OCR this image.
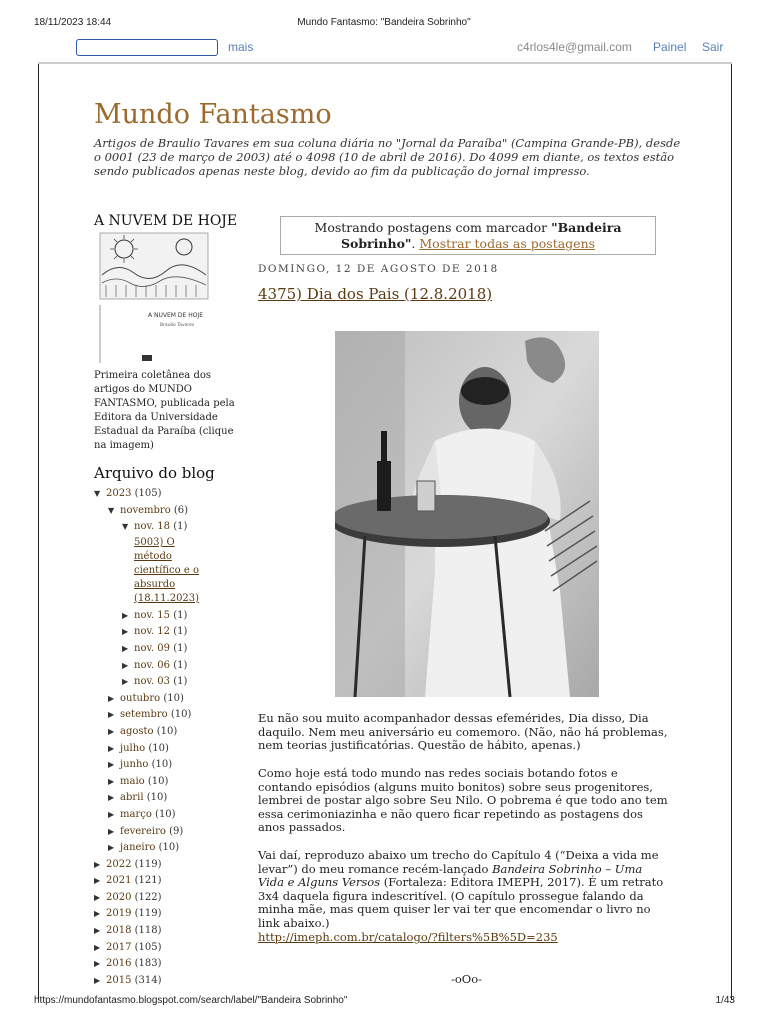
18/11/2023 18:44	Mundo Fantasmo: "Bandeira Sobrinho"
mais	c4rlos4le@gmail.com Painel Sair
Mundo Fantasmo
Artigos de Braulio Tavares em sua coluna diária no "Jornal da Paraíba" (Campina Grande-PB), desde o 0001 (23 de março de 2003) até o 4098 (10 de abril de 2016). Do 4099 em diante, os textos estão sendo publicados apenas neste blog, devido ao fim da publicação do jornal impresso.
A NUVEM DE HOJE
A NUVEM DE HOJE
Braulio Tavares
Primeira coletânea dos artigos do MUNDO FANTASMO, publicada pela Editora da Universidade Estadual da Paraíba (clique na imagem)
Arquivo do blog
▼ 2023 (105)
▼ novembro (6)
▼ nov. 18 (1)
5003) O método científico e o absurdo (18.11.2023)
▶ nov. 15 (1)
▶ nov. 12 (1)
▶ nov. 09 (1)
▶ nov. 06 (1)
▶ nov. 03 (1)
▶ outubro (10)
▶ setembro (10)
▶ agosto (10)
▶ julho (10)
▶ junho (10)
▶ maio (10)
▶ abril (10)
▶ março (10)
▶ fevereiro (9)
▶ janeiro (10)
▶ 2022 (119)
▶ 2021 (121)
▶ 2020 (122)
▶ 2019 (119)
▶ 2018 (118)
▶ 2017 (105)
▶ 2016 (183)
▶ 2015 (314)
Mostrando postagens com marcador "Bandeira Sobrinho". Mostrar todas as postagens
DOMINGO, 12 DE AGOSTO DE 2018
4375) Dia dos Pais (12.8.2018)
Eu não sou muito acompanhador dessas efemérides, Dia disso, Dia daquilo. Nem meu aniversário eu comemoro. (Não, não há problemas, nem teorias justificatórias. Questão de hábito, apenas.)
Como hoje está todo mundo nas redes sociais botando fotos e contando episódios (alguns muito bonitos) sobre seus progenitores, lembrei de postar algo sobre Seu Nilo. O pobrema é que todo ano tem essa cerimoniazinha e não quero ficar repetindo as postagens dos anos passados.
Vai daí, reproduzo abaixo um trecho do Capítulo 4 (“Deixa a vida me levar”) do meu romance recém-lançado Bandeira Sobrinho – Uma Vida e Alguns Versos (Fortaleza: Editora IMEPH, 2017). É um retrato 3x4 daquela figura indescritível. (O capítulo prossegue falando da minha mãe, mas quem quiser ler vai ter que encomendar o livro no link abaixo.)
http://imeph.com.br/catalogo/?filters%5B%5D=235
-oOo-
https://mundofantasmo.blogspot.com/search/label/"Bandeira Sobrinho"	1/43
